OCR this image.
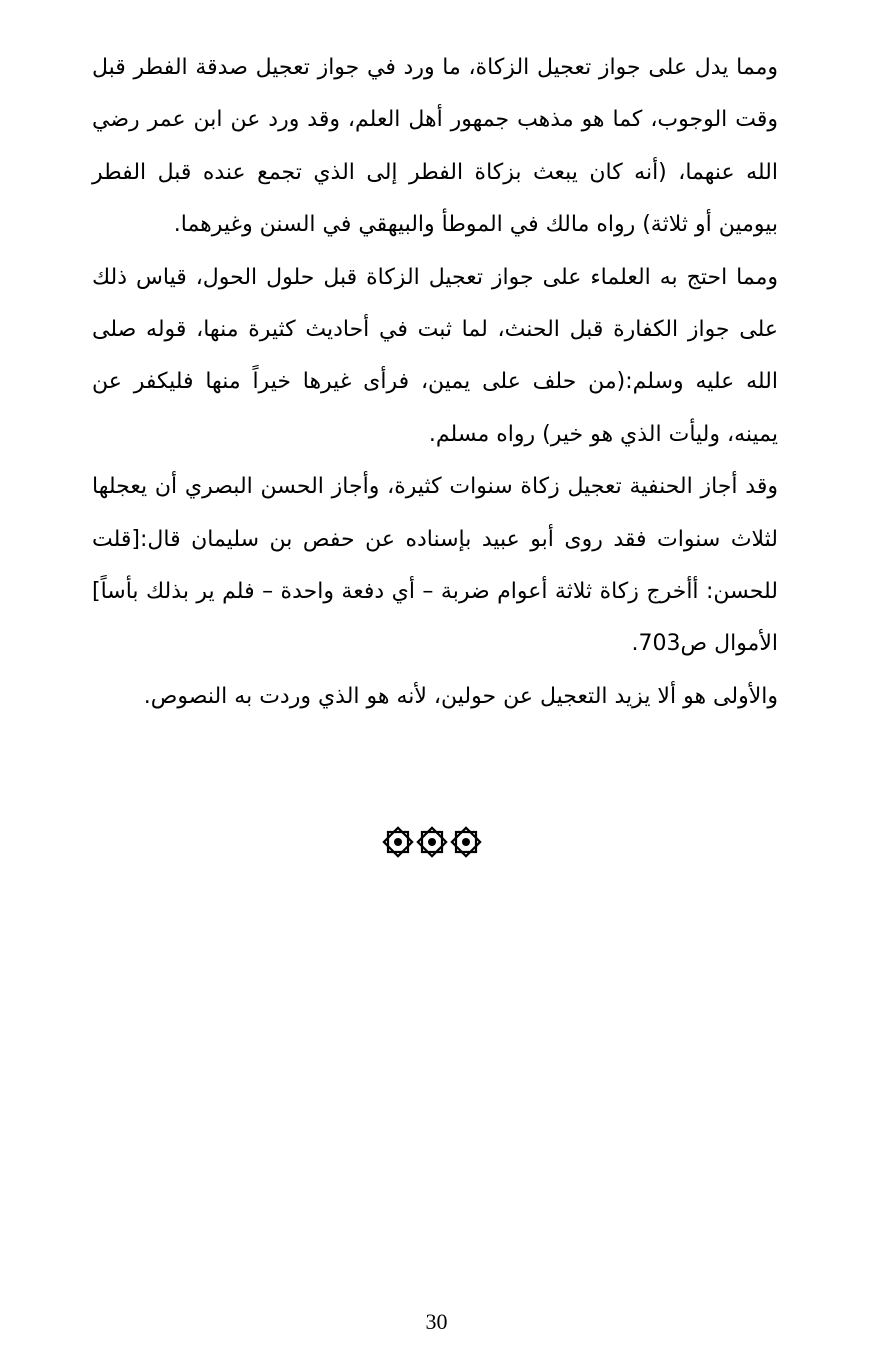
ومما يدل على جواز تعجيل الزكاة، ما ورد في جواز تعجيل صدقة الفطر قبل وقت الوجوب، كما هو مذهب جمهور أهل العلم، وقد ورد عن ابن عمر رضي الله عنهما، (أنه كان يبعث بزكاة الفطر إلى الذي تجمع عنده قبل الفطر بيومين أو ثلاثة) رواه مالك في الموطأ والبيهقي في السنن وغيرهما.

ومما احتج به العلماء على جواز تعجيل الزكاة قبل حلول الحول، قياس ذلك على جواز الكفارة قبل الحنث، لما ثبت في أحاديث كثيرة منها، قوله صلى الله عليه وسلم:(من حلف على يمين، فرأى غيرها خيراً منها فليكفر عن يمينه، وليأت الذي هو خير) رواه مسلم.

وقد أجاز الحنفية تعجيل زكاة سنوات كثيرة، وأجاز الحسن البصري أن يعجلها لثلاث سنوات فقد روى أبو عبيد بإسناده عن حفص بن سليمان قال:[قلت للحسن: أأخرج زكاة ثلاثة أعوام ضربة – أي دفعة واحدة – فلم ير بذلك بأساً] الأموال ص703.

والأولى هو ألا يزيد التعجيل عن حولين، لأنه هو الذي وردت به النصوص.

30
